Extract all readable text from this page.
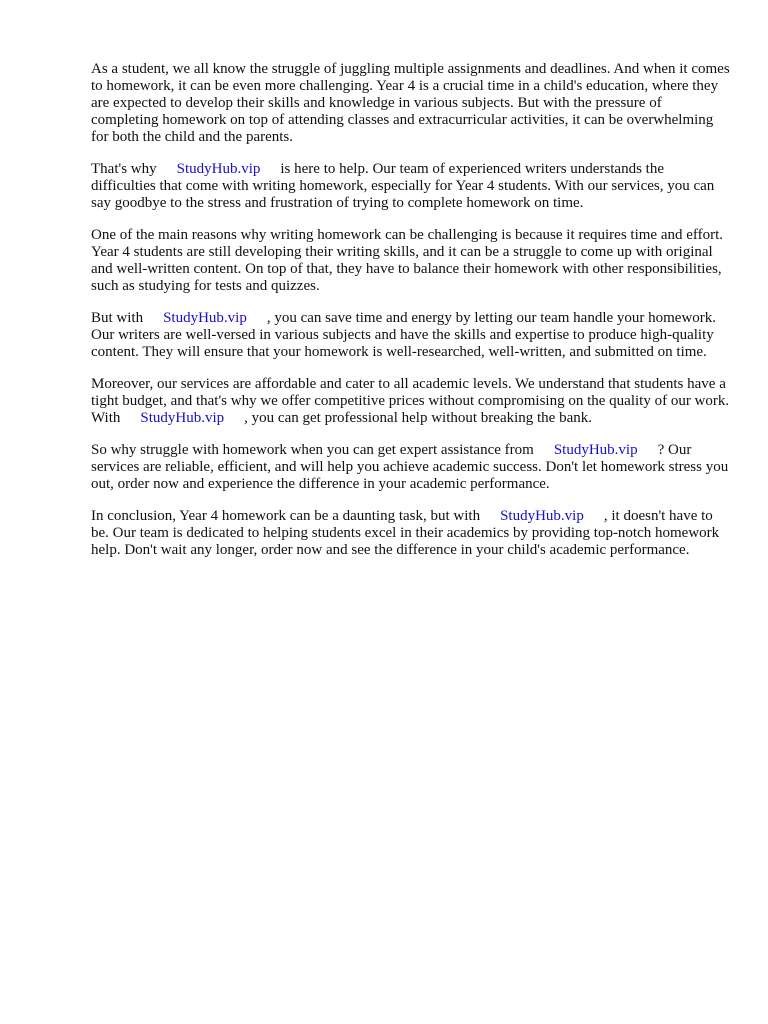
As a student, we all know the struggle of juggling multiple assignments and deadlines. And when it comes to homework, it can be even more challenging. Year 4 is a crucial time in a child's education, where they are expected to develop their skills and knowledge in various subjects. But with the pressure of completing homework on top of attending classes and extracurricular activities, it can be overwhelming for both the child and the parents.

That's why StudyHub.vip is here to help. Our team of experienced writers understands the difficulties that come with writing homework, especially for Year 4 students. With our services, you can say goodbye to the stress and frustration of trying to complete homework on time.

One of the main reasons why writing homework can be challenging is because it requires time and effort. Year 4 students are still developing their writing skills, and it can be a struggle to come up with original and well-written content. On top of that, they have to balance their homework with other responsibilities, such as studying for tests and quizzes.

But with StudyHub.vip , you can save time and energy by letting our team handle your homework. Our writers are well-versed in various subjects and have the skills and expertise to produce high-quality content. They will ensure that your homework is well-researched, well-written, and submitted on time.

Moreover, our services are affordable and cater to all academic levels. We understand that students have a tight budget, and that's why we offer competitive prices without compromising on the quality of our work. With StudyHub.vip , you can get professional help without breaking the bank.

So why struggle with homework when you can get expert assistance from StudyHub.vip ? Our services are reliable, efficient, and will help you achieve academic success. Don't let homework stress you out, order now and experience the difference in your academic performance.

In conclusion, Year 4 homework can be a daunting task, but with StudyHub.vip , it doesn't have to be. Our team is dedicated to helping students excel in their academics by providing top-notch homework help. Don't wait any longer, order now and see the difference in your child's academic performance.
